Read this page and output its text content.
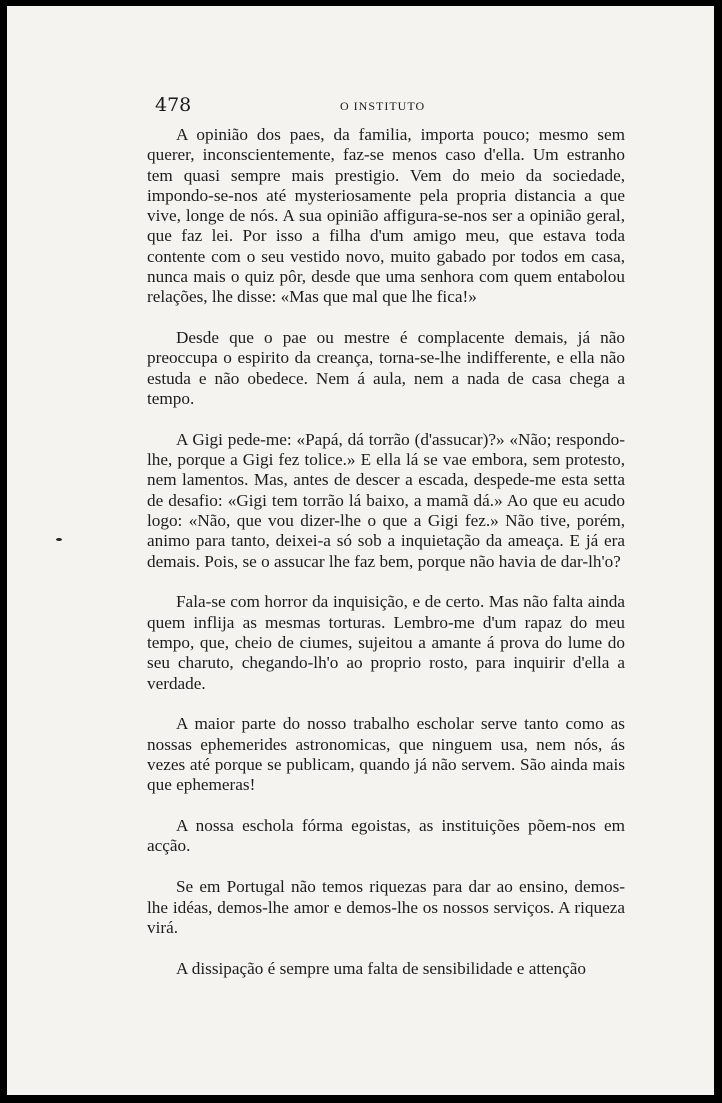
478	O INSTITUTO

A opinião dos paes, da familia, importa pouco; mesmo sem querer, inconscientemente, faz-se menos caso d'ella. Um estranho tem quasi sempre mais prestigio. Vem do meio da sociedade, impondo-se-nos até mysteriosamente pela propria distancia a que vive, longe de nós. A sua opinião affigura-se-nos ser a opinião geral, que faz lei. Por isso a filha d'um amigo meu, que estava toda contente com o seu vestido novo, muito gabado por todos em casa, nunca mais o quiz pôr, desde que uma senhora com quem entabolou relações, lhe disse: «Mas que mal que lhe fica!»

Desde que o pae ou mestre é complacente demais, já não preoccupa o espirito da creança, torna-se-lhe indifferente, e ella não estuda e não obedece. Nem á aula, nem a nada de casa chega a tempo.

A Gigi pede-me: «Papá, dá torrão (d'assucar)?» «Não; respondo-lhe, porque a Gigi fez tolice.» E ella lá se vae embora, sem protesto, nem lamentos. Mas, antes de descer a escada, despede-me esta setta de desafio: «Gigi tem torrão lá baixo, a mamã dá.» Ao que eu acudo logo: «Não, que vou dizer-lhe o que a Gigi fez.» Não tive, porém, animo para tanto, deixei-a só sob a inquietação da ameaça. E já era demais. Pois, se o assucar lhe faz bem, porque não havia de dar-lh'o?

Fala-se com horror da inquisição, e de certo. Mas não falta ainda quem inflija as mesmas torturas. Lembro-me d'um rapaz do meu tempo, que, cheio de ciumes, sujeitou a amante á prova do lume do seu charuto, chegando-lh'o ao proprio rosto, para inquirir d'ella a verdade.

A maior parte do nosso trabalho escholar serve tanto como as nossas ephemerides astronomicas, que ninguem usa, nem nós, ás vezes até porque se publicam, quando já não servem. São ainda mais que ephemeras!

A nossa eschola fórma egoistas, as instituições põem-nos em acção.

Se em Portugal não temos riquezas para dar ao ensino, demos-lhe idéas, demos-lhe amor e demos-lhe os nossos serviços. A riqueza virá.

A dissipação é sempre uma falta de sensibilidade e attenção
